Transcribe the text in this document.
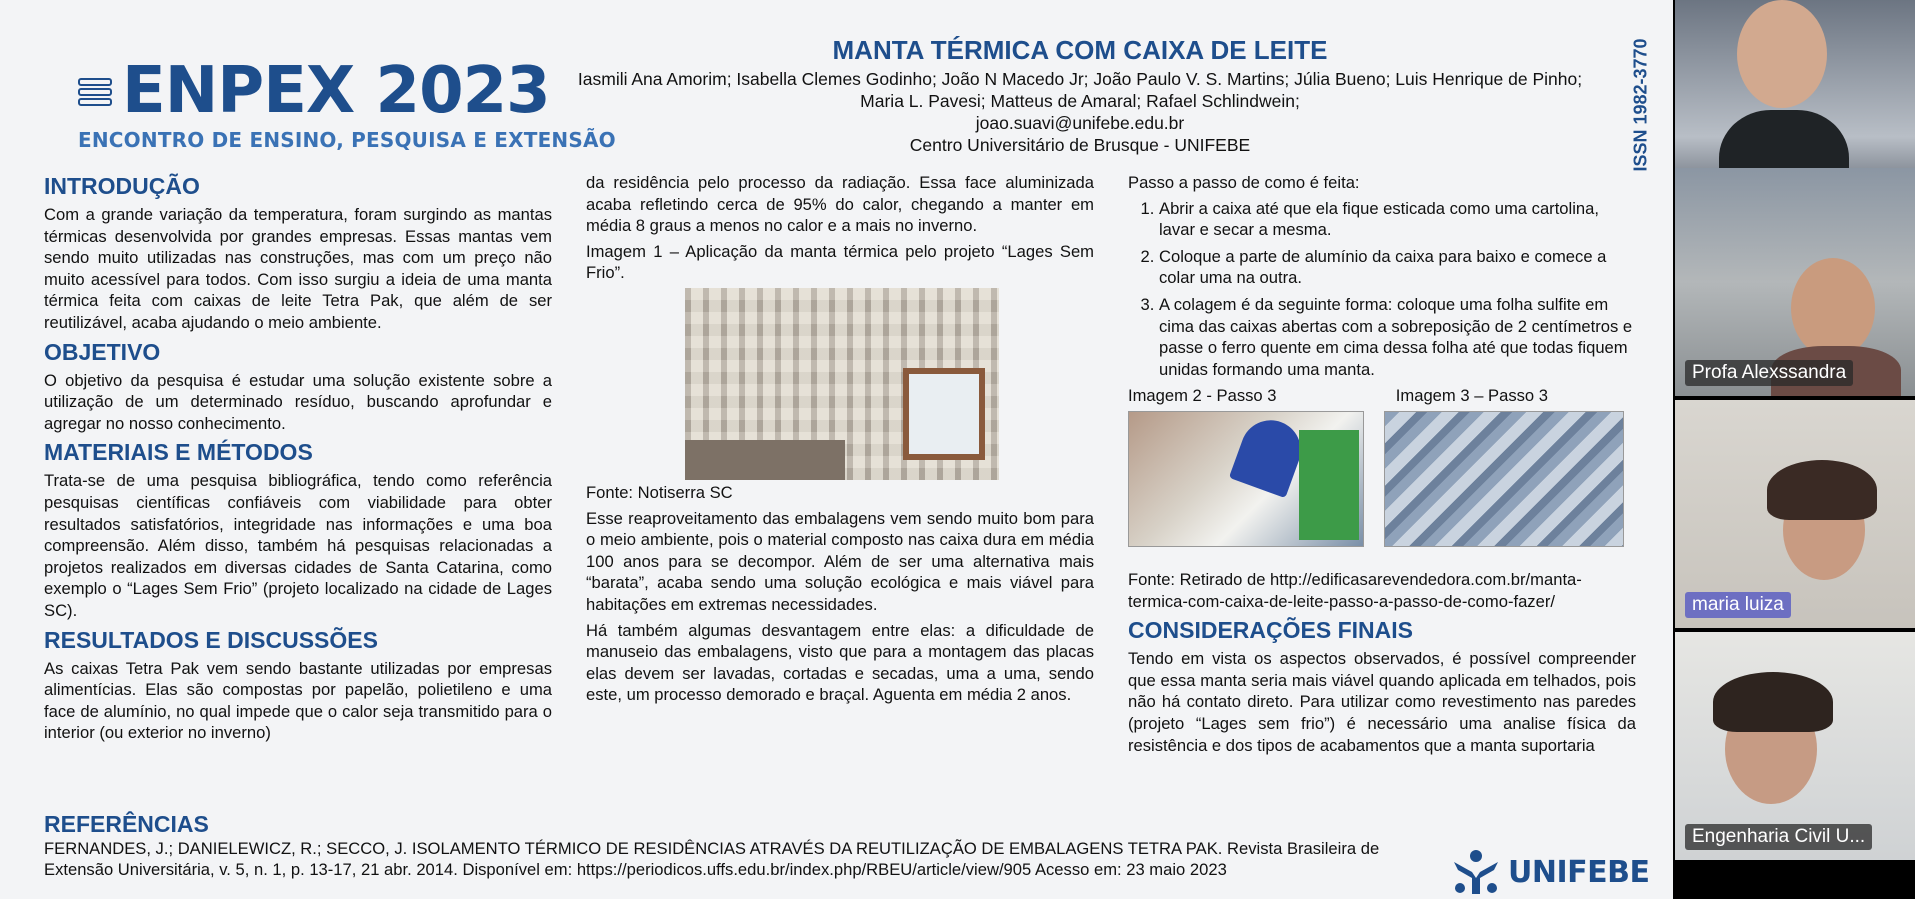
ENPEX 2023
ENCONTRO DE ENSINO, PESQUISA E EXTENSÃO
MANTA TÉRMICA COM CAIXA DE LEITE
Iasmili Ana Amorim; Isabella Clemes Godinho; João N Macedo Jr; João Paulo V. S. Martins; Júlia Bueno; Luis Henrique de Pinho;
Maria L. Pavesi; Matteus de Amaral; Rafael Schlindwein;
joao.suavi@unifebe.edu.br
Centro Universitário de Brusque - UNIFEBE	ISSN 1982-3770
INTRODUÇÃO

Com a grande variação da temperatura, foram surgindo as mantas térmicas desenvolvida por grandes empresas. Essas mantas vem sendo muito utilizadas nas construções, mas com um preço não muito acessível para todos. Com isso surgiu a ideia de uma manta térmica feita com caixas de leite Tetra Pak, que além de ser reutilizável, acaba ajudando o meio ambiente.

OBJETIVO

O objetivo da pesquisa é estudar uma solução existente sobre a utilização de um determinado resíduo, buscando aprofundar e agregar no nosso conhecimento.

MATERIAIS E MÉTODOS

Trata-se de uma pesquisa bibliográfica, tendo como referência pesquisas científicas confiáveis com viabilidade para obter resultados satisfatórios, integridade nas informações e uma boa compreensão. Além disso, também há pesquisas relacionadas a projetos realizados em diversas cidades de Santa Catarina, como exemplo o “Lages Sem Frio” (projeto localizado na cidade de Lages SC).

RESULTADOS E DISCUSSÕES

As caixas Tetra Pak vem sendo bastante utilizadas por empresas alimentícias. Elas são compostas por papelão, polietileno e uma face de alumínio, no qual impede que o calor seja transmitido para o interior (ou exterior no inverno)

da residência pelo processo da radiação. Essa face aluminizada acaba refletindo cerca de 95% do calor, chegando a manter em média 8 graus a menos no calor e a mais no inverno.

Imagem 1 – Aplicação da manta térmica pelo projeto “Lages Sem Frio”.

Fonte: Notiserra SC

Esse reaproveitamento das embalagens vem sendo muito bom para o meio ambiente, pois o material composto nas caixa dura em média 100 anos para se decompor. Além de ser uma alternativa mais “barata”, acaba sendo uma solução ecológica e mais viável para habitações em extremas necessidades.

Há também algumas desvantagem entre elas: a dificuldade de manuseio das embalagens, visto que para a montagem das placas elas devem ser lavadas, cortadas e secadas, uma a uma, sendo este, um processo demorado e braçal. Aguenta em média 2 anos.

Passo a passo de como é feita:

1. Abrir a caixa até que ela fique esticada como uma cartolina, lavar e secar a mesma.
2. Coloque a parte de alumínio da caixa para baixo e comece a colar uma na outra.
3. A colagem é da seguinte forma: coloque uma folha sulfite em cima das caixas abertas com a sobreposição de 2 centímetros e passe o ferro quente em cima dessa folha até que todas fiquem unidas formando uma manta.
Imagem 2 - Passo 3	Imagem 3 – Passo 3

Fonte: Retirado de http://edificasarevendedora.com.br/manta-termica-com-caixa-de-leite-passo-a-passo-de-como-fazer/

CONSIDERAÇÕES FINAIS

Tendo em vista os aspectos observados, é possível compreender que essa manta seria mais viável quando aplicada em telhados, pois não há contato direto. Para utilizar como revestimento nas paredes (projeto “Lages sem frio”) é necessário uma analise física da resistência e dos tipos de acabamentos que a manta suportaria

REFERÊNCIAS

FERNANDES, J.; DANIELEWICZ, R.; SECCO, J. ISOLAMENTO TÉRMICO DE RESIDÊNCIAS ATRAVÉS DA REUTILIZAÇÃO DE EMBALAGENS TETRA PAK. Revista Brasileira de Extensão Universitária, v. 5, n. 1, p. 13-17, 21 abr. 2014. Disponível em: https://periodicos.uffs.edu.br/index.php/RBEU/article/view/905 Acesso em: 23 maio 2023	UNIFEBE
Profa Alexssandra
maria luiza
Engenharia Civil U...
